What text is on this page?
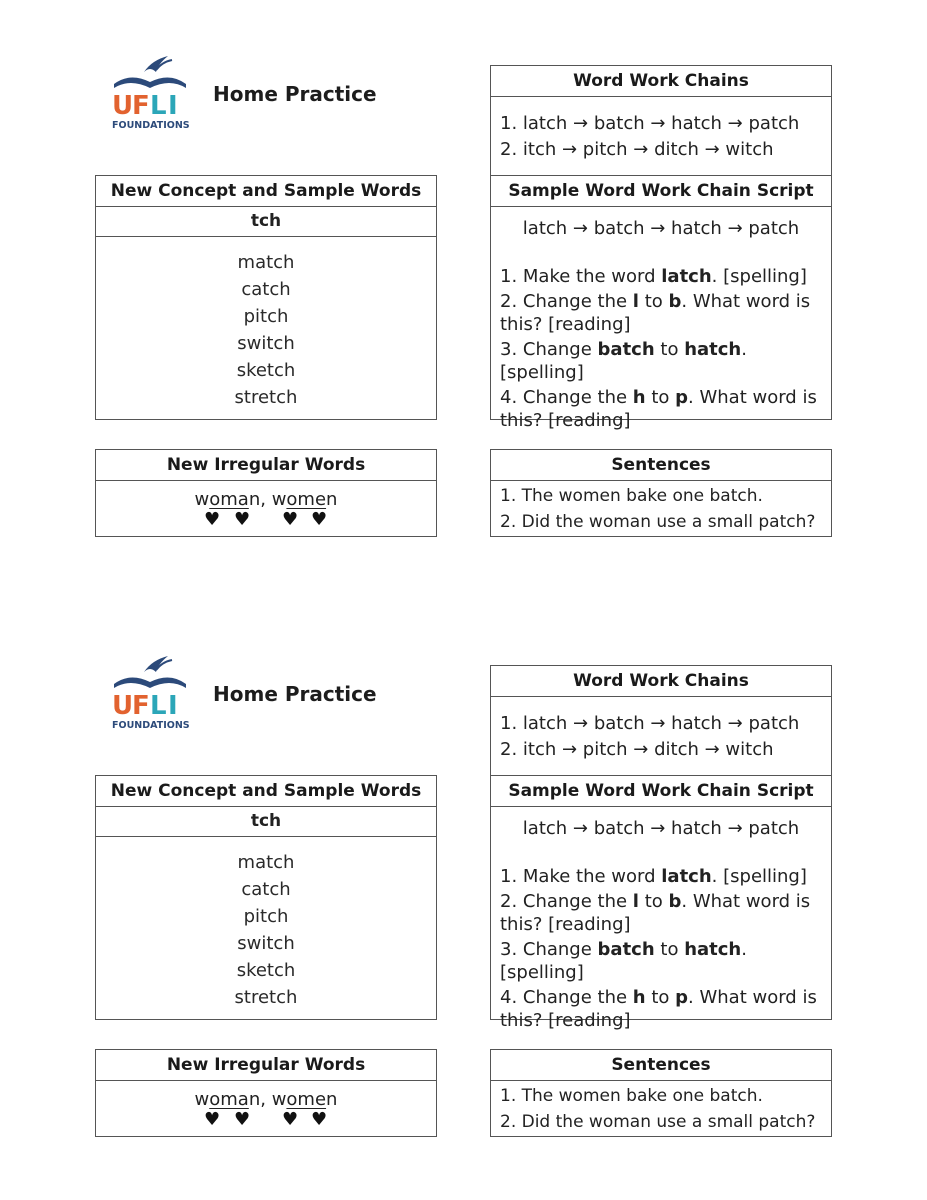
U
F L I
FOUNDATIONS
Home Practice
Word Work Chains
1. latch → batch → hatch → patch
2. itch → pitch → ditch → witch
New Concept and Sample Words
tch
match
catch
pitch
switch
sketch
stretch
Sample Word Work Chain Script
latch → batch → hatch → patch
1. Make the word latch. [spelling]
2. Change the l to b. What word is this? [reading]
3. Change batch to hatch. [spelling]
4. Change the h to p. What word is this? [reading]
New Irregular Words
woman, women
♥ ♥ ♥ ♥
Sentences
1. The women bake one batch.
2. Did the woman use a small patch?
U
F L I
FOUNDATIONS
Home Practice
Word Work Chains
1. latch → batch → hatch → patch
2. itch → pitch → ditch → witch
New Concept and Sample Words
tch
match
catch
pitch
switch
sketch
stretch
Sample Word Work Chain Script
latch → batch → hatch → patch
1. Make the word latch. [spelling]
2. Change the l to b. What word is this? [reading]
3. Change batch to hatch. [spelling]
4. Change the h to p. What word is this? [reading]
New Irregular Words
woman, women
♥ ♥ ♥ ♥
Sentences
1. The women bake one batch.
2. Did the woman use a small patch?
